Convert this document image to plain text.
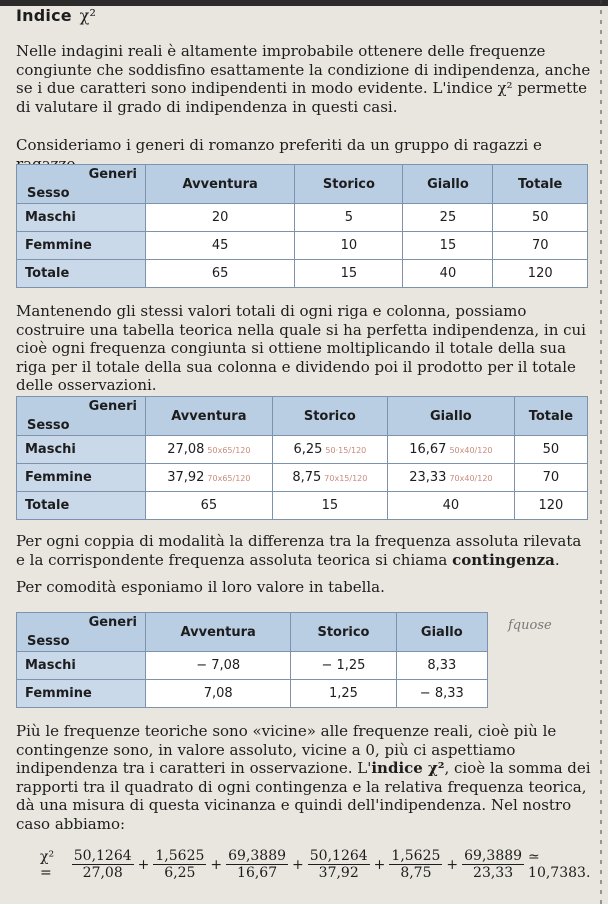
Indice χ²
Nelle indagini reali è altamente improbabile ottenere delle frequenze congiunte che soddisfino esattamente la condizione di indipendenza, anche se i due caratteri sono indipendenti in modo evidente. L'indice χ² permette di valutare il grado di indipendenza in questi casi.
Consideriamo i generi di romanzo preferiti da un gruppo di ragazzi e
Generi
Sesso	Avventura	Storico	Giallo	Totale
Maschi	20	5	25	50
Femmine	45	10	15	70
Totale	65	15	40	120
Mantenendo gli stessi valori totali di ogni riga e colonna, possiamo costruire una tabella teorica nella quale si ha perfetta indipendenza, in cui cioè ogni frequenza congiunta si ottiene moltiplicando il totale della sua riga per il totale della sua colonna e dividendo poi il prodotto per il totale delle osservazioni.
Generi
Sesso	Avventura	Storico	Giallo	Totale
Maschi	27,08 50x65/120	6,25 50·15/120	16,67 50x40/120	50
Femmine	37,92 70x65/120	8,75 70x15/120	23,33 70x40/120	70
Totale	65	15	40	120
Per ogni coppia di modalità la differenza tra la frequenza assoluta rilevata e la corrispondente frequenza assoluta teorica si chiama contingenza.
Per comodità esponiamo il loro valore in tabella.
Generi
Sesso	Avventura	Storico	Giallo
Maschi	− 7,08	− 1,25	8,33
Femmine	7,08	1,25	− 8,33
fquose
Più le frequenze teoriche sono «vicine» alle frequenze reali, cioè più le contingenze sono, in valore assoluto, vicine a 0, più ci aspettiamo indipendenza tra i caratteri in osservazione. L'indice χ², cioè la somma dei rapporti tra il quadrato di ogni contingenza e la relativa frequenza teorica, dà una misura di questa vicinanza e quindi dell'indipendenza. Nel nostro caso abbiamo:
χ² =	$\frac{50,1264}{27,08} + \frac{1,5625}{6,25} + \frac{69,3889}{16,67} + \frac{50,1264}{37,92} + \frac{1,5625}{8,75} + \frac{69,3889}{23,33}$ ≃ 10,7383.
